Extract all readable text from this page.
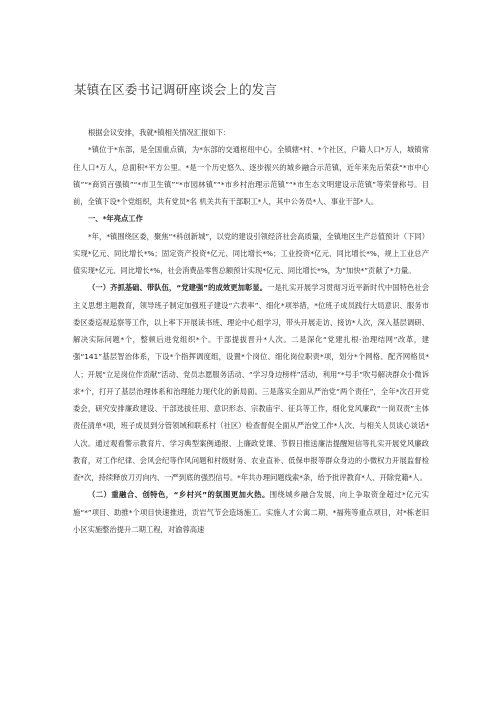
某镇在区委书记调研座谈会上的发言

根据会议安排，我就*镇相关情况汇报如下：

*镇位于*东部，是全国重点镇，为*东部的交通枢纽中心。全镇辖*村、*个社区，户籍人口*万人，城镇常住人口*万人，总面积*平方公里。*是一个历史悠久、逐步振兴的城乡融合示范镇，近年来先后荣获“*市中心镇”“*商贸百强镇”“*市卫生镇”“*市园林镇”“*市乡村治理示范镇”“*市生态文明建设示范镇”等荣誉称号。目前，全镇下设*个党组织，共有党员*名 机关共有干部职工*人，其中公务员*人、事业干部*人。

一、*年亮点工作

*年，*镇围绕区委，聚焦“*科创新城”，以党的建设引领经济社会高质量，全镇地区生产总值预计（下同）实现*亿元、同比增长*%；固定资产投资*亿元、同比增长*%；工业投资*亿元、同比增长*%，规上工业总产值实现*亿元、同比增长*%，社会消费品零售总额预计实现*亿元、同比增长*%，为“加快*”贡献了*力量。

（一）齐抓基础、带队伍，“党建强”的成效更加彰显。一是扎实开展学习贯彻习近平新时代中国特色社会主义思想主题教育，领导班子制定加强班子建设“六表率”、细化*项举措，*位班子成员践行大局意识、服务市委区委巡视巡察等工作，以上率下开展读书班、理论中心组学习，带头开展走访、接访*人次，深入基层调研、解决实际问题*个，整顿后进党组织*个。干部提拔晋升*人次。二是深化“党建扎根·治理结网”改革，建强“141”基层智治体系，下设*个指挥调度组，设置*个岗位、细化岗位职责*项，划分*个网格、配齐网格员*人；开展“立足岗位作贡献”活动、党员志愿服务活动、“学习身边榜样”活动，利用“*号手”吹号解决群众小微诉求*个，打开了基层治理体系和治理能力现代化的新局面。三是落实全面从严治党“两个责任”，全年*次召开党委会，研究安排廉政建设、干部选拔任用、意识形态、宗教庙宇、征兵等工作，细化党风廉政“一岗双责”主体责任清单*项，班子成员到分管领域和联系村（社区）检查督促全面从严治党工作*人次、与相关人员谈心谈话*人次。通过观看警示教育片、学习典型案例通报、上廉政党课、节假日推送廉洁提醒短信等扎实开展党风廉政教育，对工作纪律、会风会纪等作风问题和村级财务、农业直补、低保申报等群众身边的小微权力开展监督检查*次，持续释放刀刃向内、一严到底的强烈信号。*年共办理问题线索*条，给予批评教育*人、开除党籍*人。

（二）重融合、创特色，“乡村兴”的氛围更加火热。围绕城乡融合发展，向上争取资金超过*亿元实施“*”项目、助推*个项目快速推进，贡岩气节会造场施工。实施人才公寓二期、*福苑等重点项目，对*栋老旧小区实施整治提升二期工程，对渝蓉高速
